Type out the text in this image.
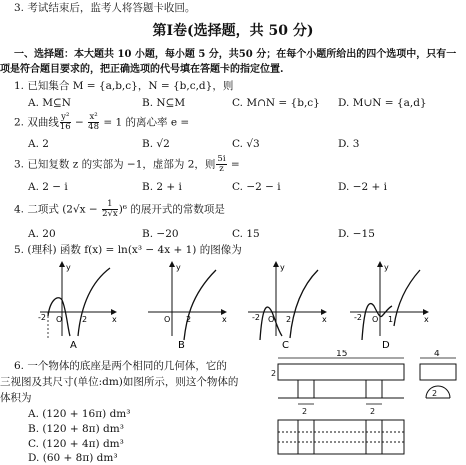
3. 考试结束后，监考人将答题卡收回。
第Ⅰ卷(选择题，共 50 分)
一、选择题：本大题共 10 小题，每小题 5 分，共50 分；在每个小题所给出的四个选项中，只有一
项是符合题目要求的，把正确选项的代号填在答题卡的指定位置.
1. 已知集合 M = {a,b,c}，N = {b,c,d}，则
A. M⊆N	B. N⊆M	C. M∩N = {b,c} D. M∪N = {a,d}
2. 双曲线 $\frac{\text{y²}}{16} - \frac{\text{x²}}{48} = 1$ 的离心率 e =
A. 2	B. √2	C. √3	D. 3
3. 已知复数 z 的实部为 −1，虚部为 2，则 $\frac{5i}{z}$ =
A. 2 − i	B. 2 + i	C. −2 − i	D. −2 + i
4. 二项式 $(2√x - \frac{1}{2√x} )^6$ 的展开式的常数项是
A. 20	B. −20	C. 15	D. −15
5. (理科) 函数 f(x) = ln(x³ − 4x + 1) 的图像为
y
x
-2 O 2
A
y
x
O 2
B
y
x
-2 O 2
C
y
x
-2 O 1
D
6. 一个物体的底座是两个相同的几何体，它的
三视图及其尺寸(单位:dm)如图所示，则这个物体的
体积为
A. (120 + 16π) dm³
B. (120 + 8π) dm³
C. (120 + 4π) dm³
D. (60 + 8π) dm³
15
2
2	2
4
2
